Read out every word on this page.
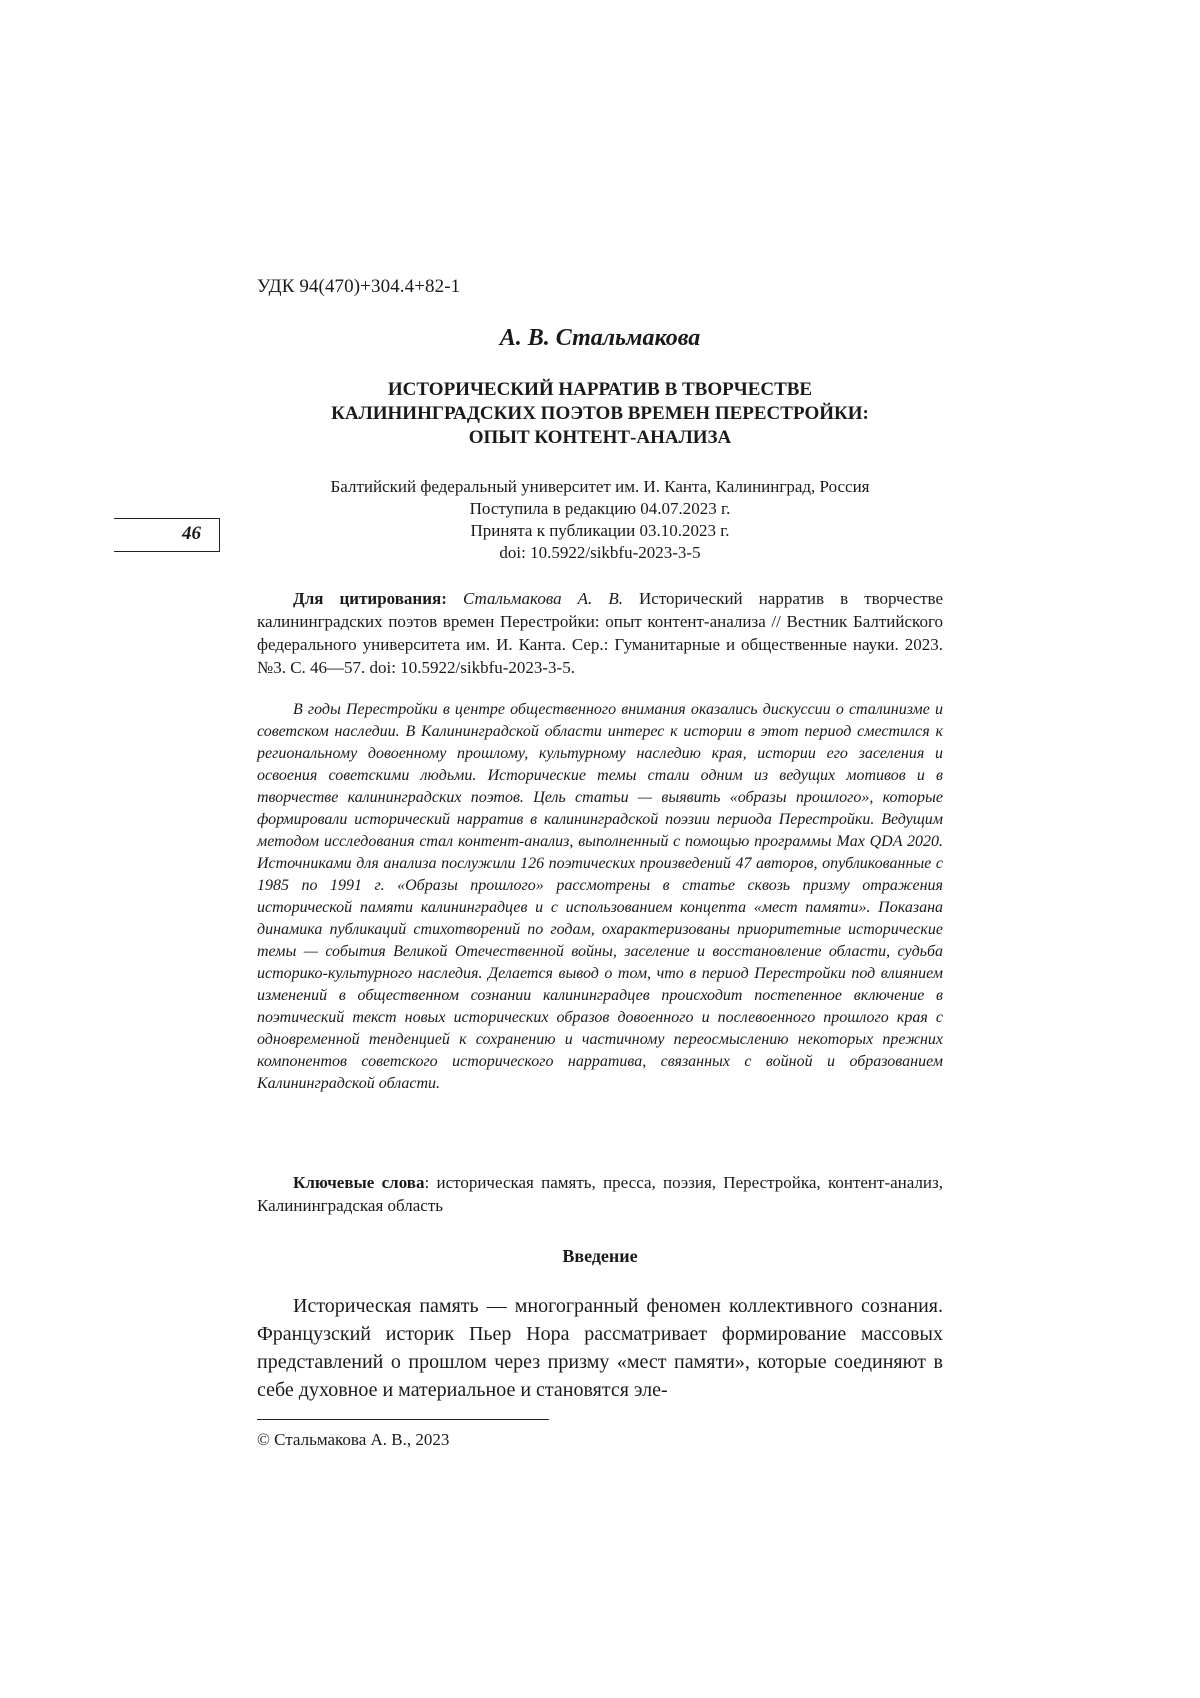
УДК 94(470)+304.4+82-1
А. В. Стальмакова
ИСТОРИЧЕСКИЙ НАРРАТИВ В ТВОРЧЕСТВЕ
КАЛИНИНГРАДСКИХ ПОЭТОВ ВРЕМЕН ПЕРЕСТРОЙКИ:
ОПЫТ КОНТЕНТ-АНАЛИЗА
Балтийский федеральный университет им. И. Канта, Калининград, Россия
Поступила в редакцию 04.07.2023 г.
Принята к публикации 03.10.2023 г.
doi: 10.5922/sikbfu-2023-3-5
46

Для цитирования: Стальмакова А. В. Исторический нарратив в творчестве калининградских поэтов времен Перестройки: опыт контент-анализа // Вестник Балтийского федерального университета им. И. Канта. Сер.: Гуманитарные и общественные науки. 2023. №3. С. 46—57. doi: 10.5922/sikbfu-2023-3-5.

В годы Перестройки в центре общественного внимания оказались дискуссии о сталинизме и советском наследии. В Калининградской области интерес к истории в этот период сместился к региональному довоенному прошлому, культурному наследию края, истории его заселения и освоения советскими людьми. Исторические темы стали одним из ведущих мотивов и в творчестве калининградских поэтов. Цель статьи — выявить «образы прошлого», которые формировали исторический нарратив в калининградской поэзии периода Перестройки. Ведущим методом исследования стал контент-анализ, выполненный с помощью программы Max QDA 2020. Источниками для анализа послужили 126 поэтических произведений 47 авторов, опубликованные с 1985 по 1991 г. «Образы прошлого» рассмотрены в статье сквозь призму отражения исторической памяти калининградцев и с использованием концепта «мест памяти». Показана динамика публикаций стихотворений по годам, охарактеризованы приоритетные исторические темы — события Великой Отечественной войны, заселение и восстановление области, судьба историко-культурного наследия. Делается вывод о том, что в период Перестройки под влиянием изменений в общественном сознании калининградцев происходит постепенное включение в поэтический текст новых исторических образов довоенного и послевоенного прошлого края с одновременной тенденцией к сохранению и частичному переосмыслению некоторых прежних компонентов советского исторического нарратива, связанных с войной и образованием Калининградской области.

Ключевые слова: историческая память, пресса, поэзия, Перестройка, контент-анализ, Калининградская область

Введение

Историческая память — многогранный феномен коллективного сознания. Французский историк Пьер Нора рассматривает формирование массовых представлений о прошлом через призму «мест памяти», которые соединяют в себе духовное и материальное и становятся эле-

© Стальмакова А. В., 2023
